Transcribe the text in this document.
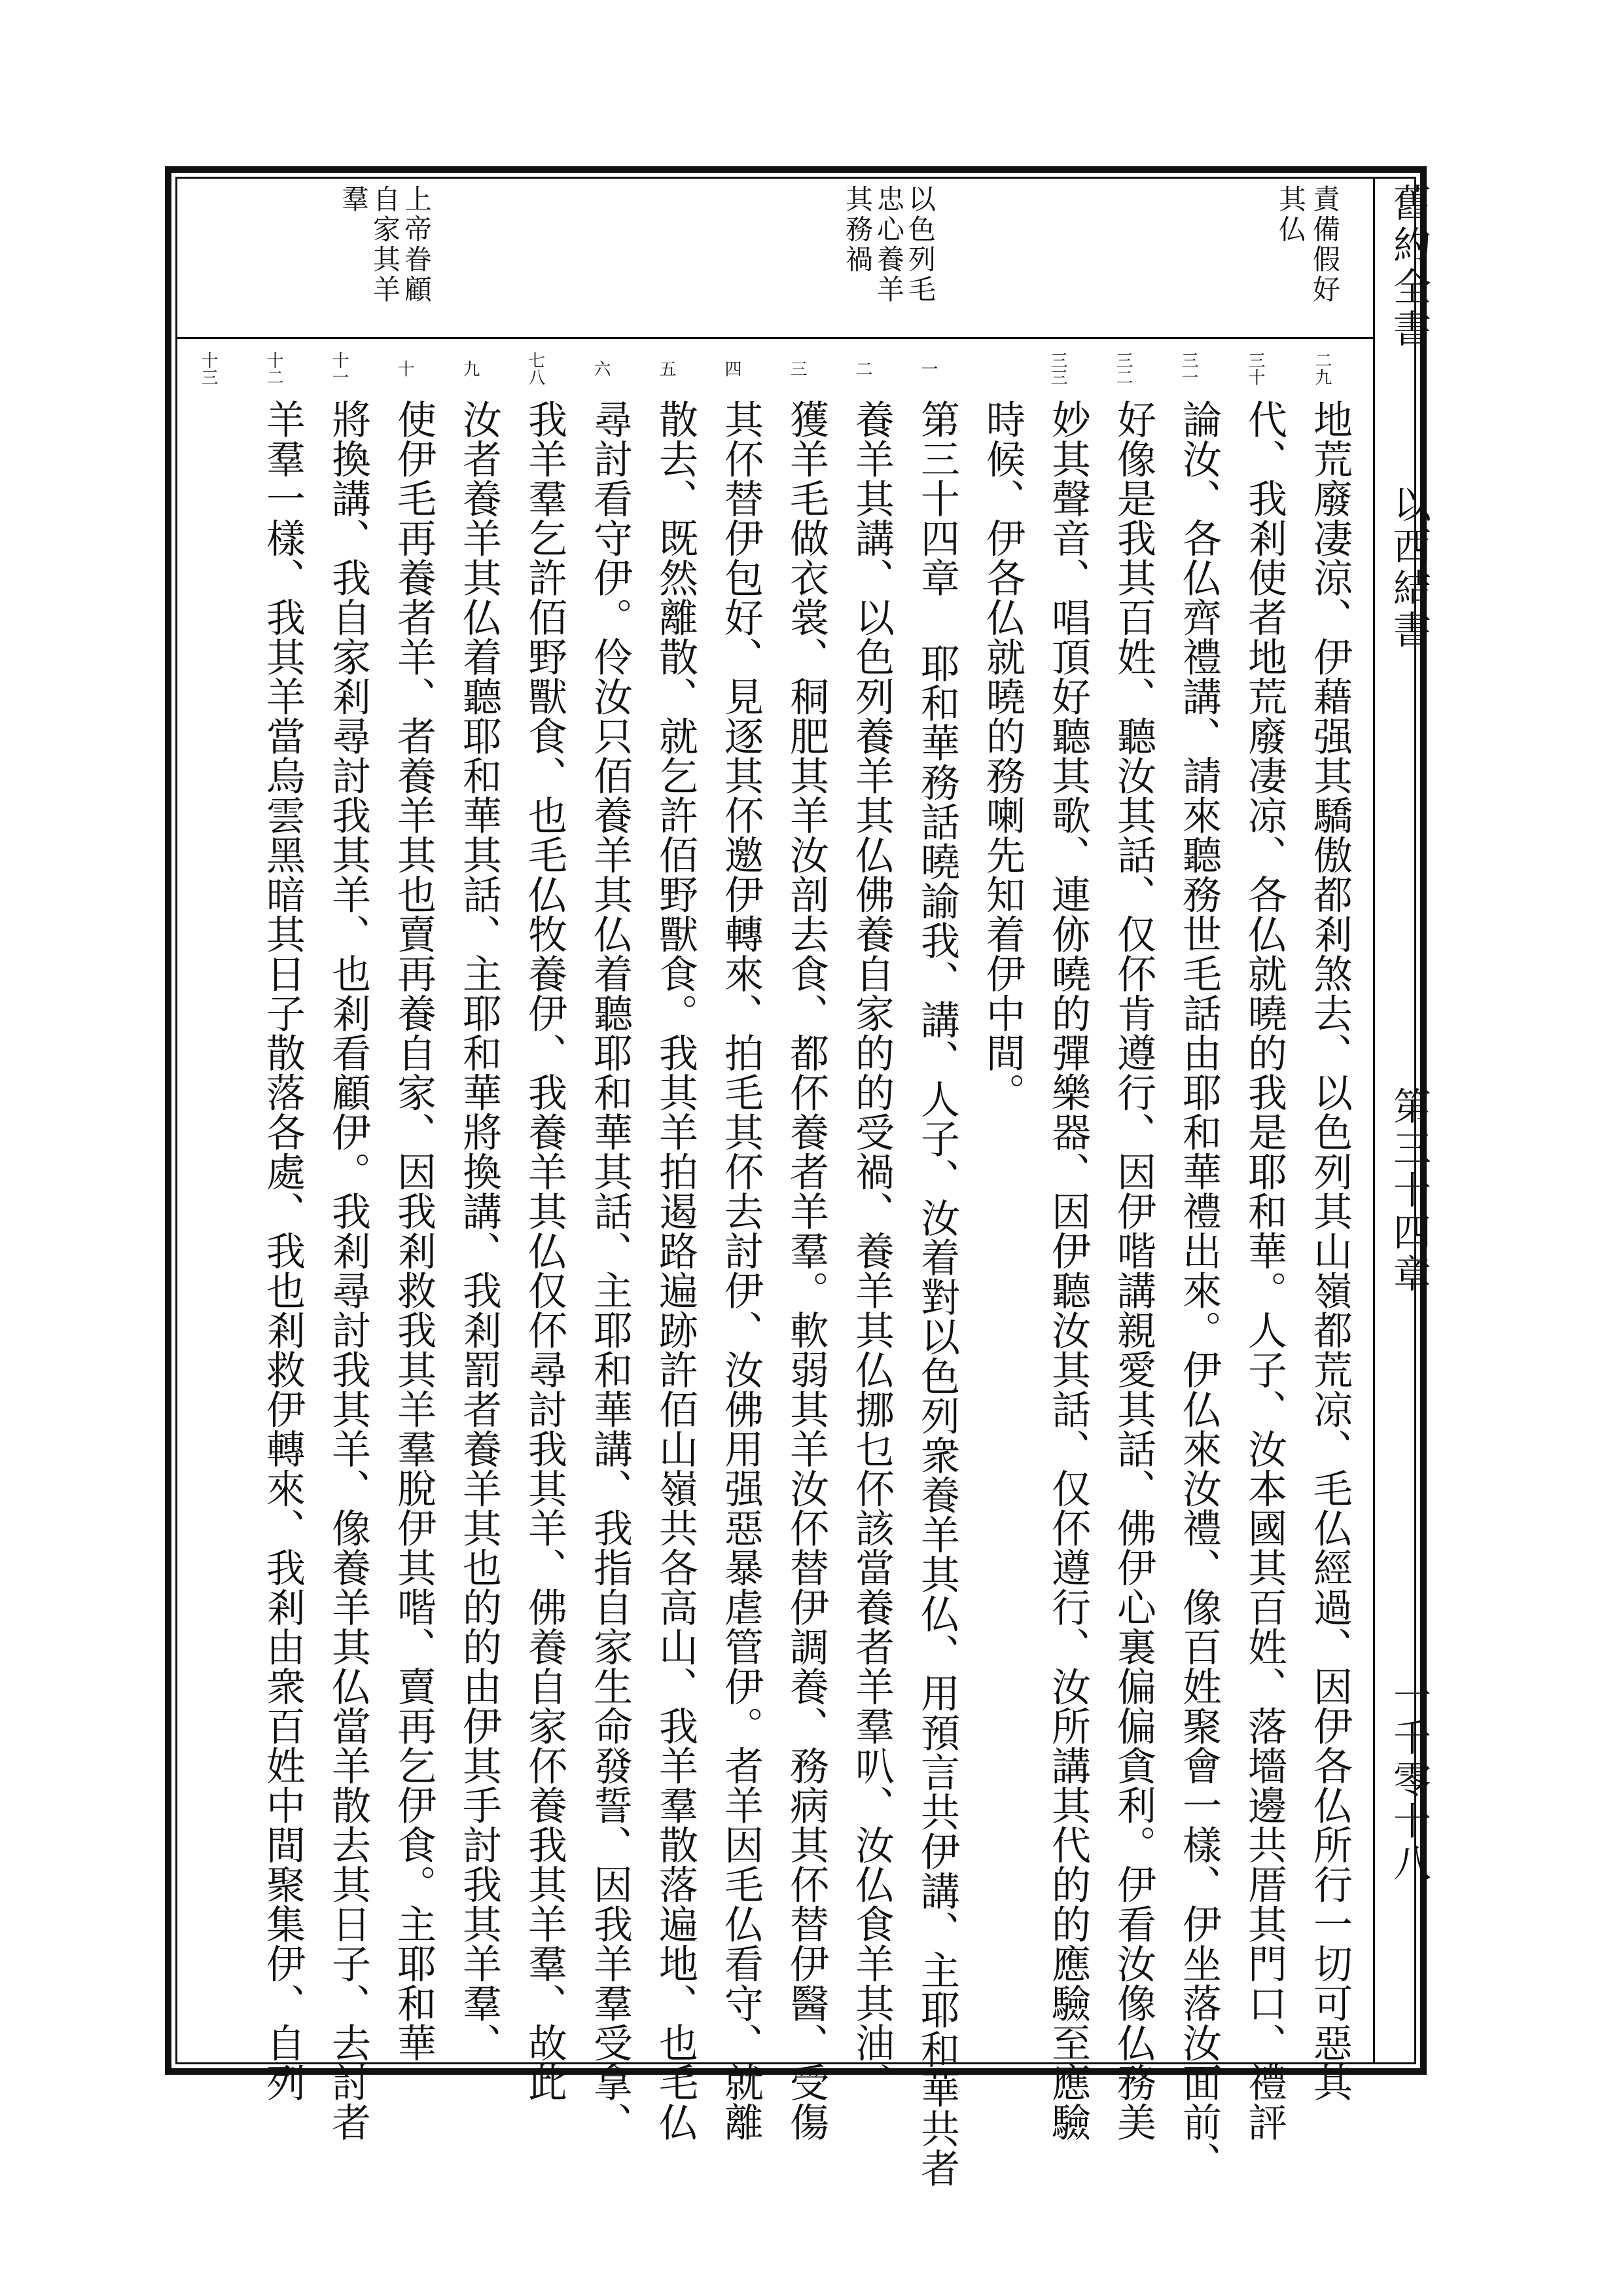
舊約全書
以西結書
第三十四章
一千零十八
責備假好
其仏
以色列毛
忠心養羊
其務禍
上帝眷顧
自家其羊
羣
二九
三十
三一
三二
三三
一
二
三
四
五
六
七八
九
十
十一
十二
十三
地荒廢凄涼、伊藉强其驕傲都剎煞去、以色列其山嶺都荒凉、毛仏經過、因伊各仏所行一切可惡其
代、我剎使者地荒廢凄凉、各仏就曉的我是耶和華。人子、汝本國其百姓、落墻邊共厝其門口、禮評
論汝、各仏齊禮講、請來聽務世毛話由耶和華禮出來。伊仏來汝禮、像百姓聚會一樣、伊坐落汝面前、
好像是我其百姓、聽汝其話、仅伓肯遵行、因伊喈講親愛其話、佛伊心裏偏偏貪利。伊看汝像仏務美
妙其聲音、唱頂好聽其歌、連㑊曉的彈樂器、因伊聽汝其話、仅伓遵行、汝所講其代的的應驗至應驗
時候、伊各仏就曉的務喇先知着伊中間。
第三十四章 耶和華務話曉諭我、講、人子、汝着對以色列衆養羊其仏、用預言共伊講、主耶和華共者
養羊其講、以色列養羊其仏佛養自家的的受禍、養羊其仏挪乜伓該當養者羊羣叭、汝仏食羊其油、
獲羊毛做衣裳、秱肥其羊汝剖去食、都伓養者羊羣。軟弱其羊汝伓替伊調養、務病其伓替伊醫、受傷
其伓替伊包好、見逐其伓邀伊轉來、拍毛其伓去討伊、汝佛用强惡暴虐管伊。者羊因毛仏看守、就離
散去、既然離散、就乞許佰野獸食。我其羊拍遏路遍跡許佰山嶺共各高山、我羊羣散落遍地、也毛仏
尋討看守伊。伶汝只佰養羊其仏着聽耶和華其話、主耶和華講、我指自家生命發誓、因我羊羣受拿、
我羊羣乞許佰野獸食、也毛仏牧養伊、我養羊其仏仅伓尋討我其羊、佛養自家伓養我其羊羣、故此
汝者養羊其仏着聽耶和華其話、主耶和華將換講、我剎罰者養羊其也的的由伊其手討我其羊羣、
使伊毛再養者羊、者養羊其也賣再養自家、因我剎救我其羊羣脫伊其喈、賣再乞伊食。主耶和華
將換講、我自家剎尋討我其羊、也剎看顧伊。我剎尋討我其羊、像養羊其仏當羊散去其日子、去討者
羊羣一樣、我其羊當烏雲黑暗其日子散落各處、我也剎救伊轉來、我剎由衆百姓中間聚集伊、自列
